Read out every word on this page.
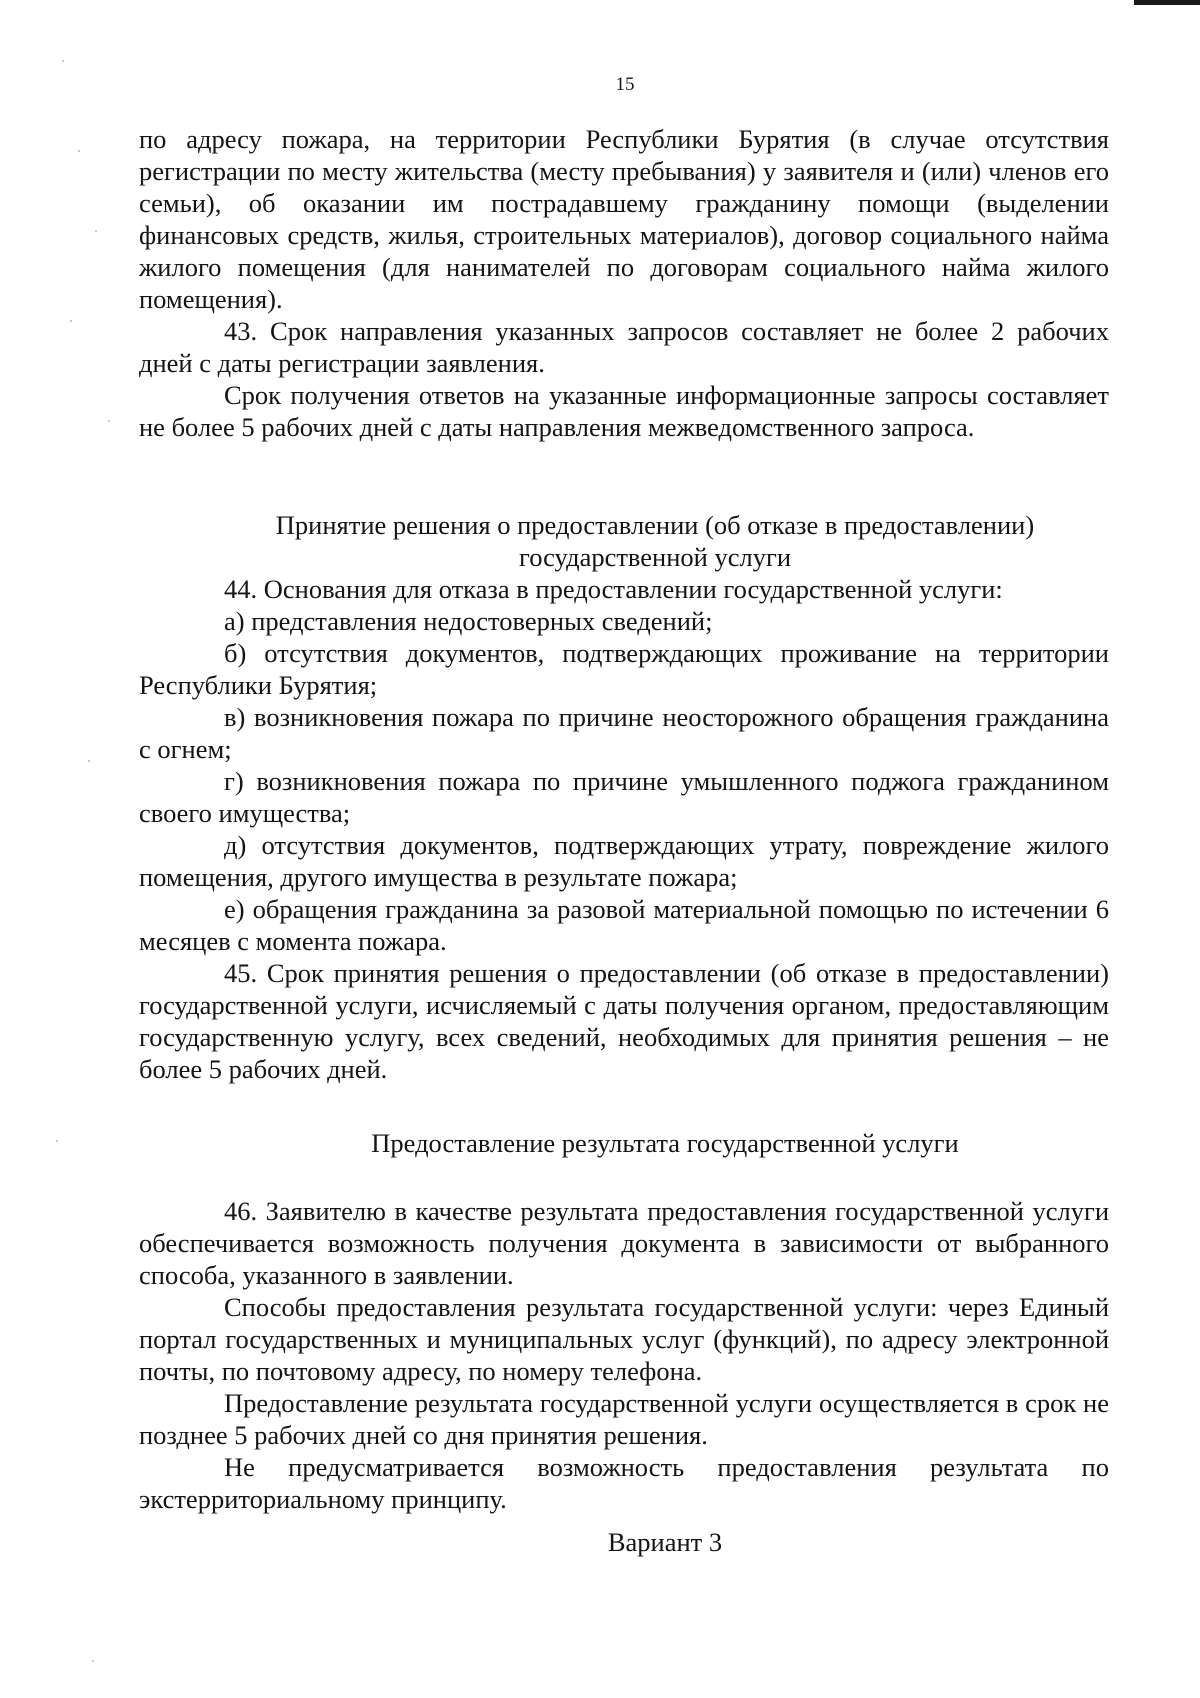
15

по адресу пожара, на территории Республики Бурятия (в случае отсутствия регистрации по месту жительства (месту пребывания) у заявителя и (или) членов его семьи), об оказании им пострадавшему гражданину помощи (выделении финансовых средств, жилья, строительных материалов), договор социального найма жилого помещения (для нанимателей по договорам социального найма жилого помещения).

43. Срок направления указанных запросов составляет не более 2 рабочих дней с даты регистрации заявления.

Срок получения ответов на указанные информационные запросы составляет не более 5 рабочих дней с даты направления межведомственного запроса.

Принятие решения о предоставлении (об отказе в предоставлении)

государственной услуги

44. Основания для отказа в предоставлении государственной услуги:

а) представления недостоверных сведений;

б) отсутствия документов, подтверждающих проживание на территории Республики Бурятия;

в) возникновения пожара по причине неосторожного обращения гражданина с огнем;

г) возникновения пожара по причине умышленного поджога гражданином своего имущества;

д) отсутствия документов, подтверждающих утрату, повреждение жилого помещения, другого имущества в результате пожара;

е) обращения гражданина за разовой материальной помощью по истечении 6 месяцев с момента пожара.

45. Срок принятия решения о предоставлении (об отказе в предоставлении) государственной услуги, исчисляемый с даты получения органом, предоставляющим государственную услугу, всех сведений, необходимых для принятия решения – не более 5 рабочих дней.

Предоставление результата государственной услуги

46. Заявителю в качестве результата предоставления государственной услуги обеспечивается возможность получения документа в зависимости от выбранного способа, указанного в заявлении.

Способы предоставления результата государственной услуги: через Единый портал государственных и муниципальных услуг (функций), по адресу электронной почты, по почтовому адресу, по номеру телефона.

Предоставление результата государственной услуги осуществляется в срок не позднее 5 рабочих дней со дня принятия решения.

Не предусматривается возможность предоставления результата по экстерриториальному принципу.

Вариант 3
